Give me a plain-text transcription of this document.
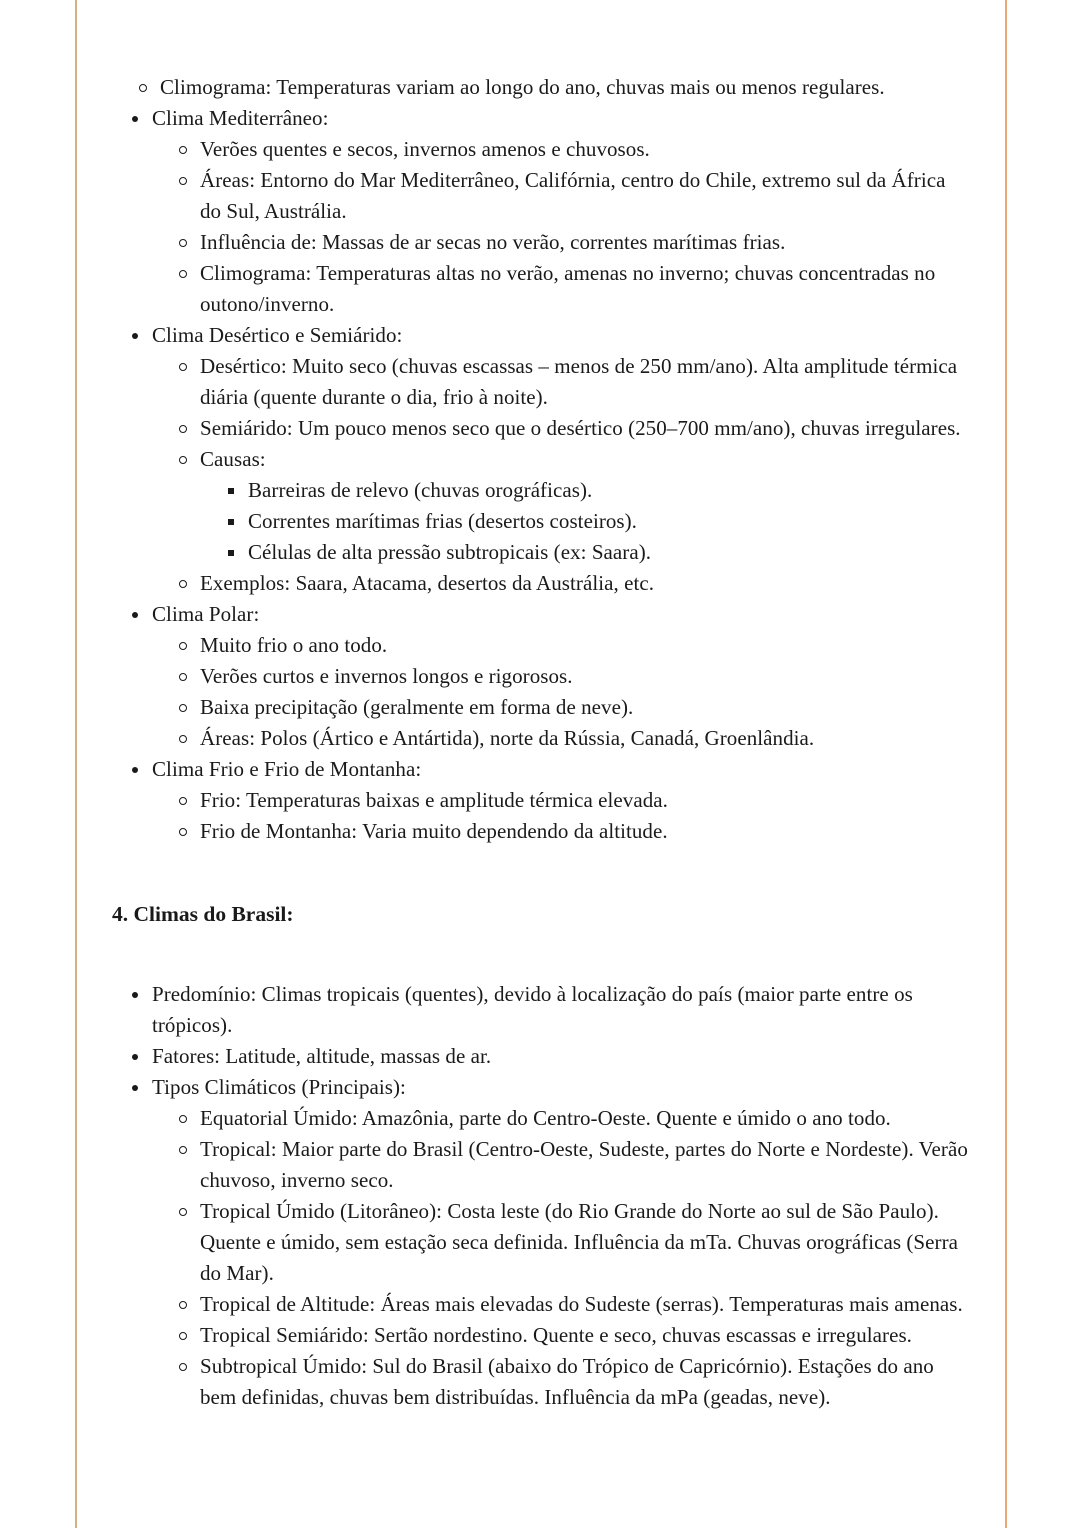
Climograma: Temperaturas variam ao longo do ano, chuvas mais ou menos regulares.
Clima Mediterrâneo:
Verões quentes e secos, invernos amenos e chuvosos.
Áreas: Entorno do Mar Mediterrâneo, Califórnia, centro do Chile, extremo sul da África do Sul, Austrália.
Influência de: Massas de ar secas no verão, correntes marítimas frias.
Climograma: Temperaturas altas no verão, amenas no inverno; chuvas concentradas no outono/inverno.
Clima Desértico e Semiárido:
Desértico: Muito seco (chuvas escassas – menos de 250 mm/ano). Alta amplitude térmica diária (quente durante o dia, frio à noite).
Semiárido: Um pouco menos seco que o desértico (250–700 mm/ano), chuvas irregulares.
Causas:
Barreiras de relevo (chuvas orográficas).
Correntes marítimas frias (desertos costeiros).
Células de alta pressão subtropicais (ex: Saara).
Exemplos: Saara, Atacama, desertos da Austrália, etc.
Clima Polar:
Muito frio o ano todo.
Verões curtos e invernos longos e rigorosos.
Baixa precipitação (geralmente em forma de neve).
Áreas: Polos (Ártico e Antártida), norte da Rússia, Canadá, Groenlândia.
Clima Frio e Frio de Montanha:
Frio: Temperaturas baixas e amplitude térmica elevada.
Frio de Montanha: Varia muito dependendo da altitude.
4. Climas do Brasil:
Predomínio: Climas tropicais (quentes), devido à localização do país (maior parte entre os trópicos).
Fatores: Latitude, altitude, massas de ar.
Tipos Climáticos (Principais):
Equatorial Úmido: Amazônia, parte do Centro-Oeste. Quente e úmido o ano todo.
Tropical: Maior parte do Brasil (Centro-Oeste, Sudeste, partes do Norte e Nordeste). Verão chuvoso, inverno seco.
Tropical Úmido (Litorâneo): Costa leste (do Rio Grande do Norte ao sul de São Paulo). Quente e úmido, sem estação seca definida. Influência da mTa. Chuvas orográficas (Serra do Mar).
Tropical de Altitude: Áreas mais elevadas do Sudeste (serras). Temperaturas mais amenas.
Tropical Semiárido: Sertão nordestino. Quente e seco, chuvas escassas e irregulares.
Subtropical Úmido: Sul do Brasil (abaixo do Trópico de Capricórnio). Estações do ano bem definidas, chuvas bem distribuídas. Influência da mPa (geadas, neve).
